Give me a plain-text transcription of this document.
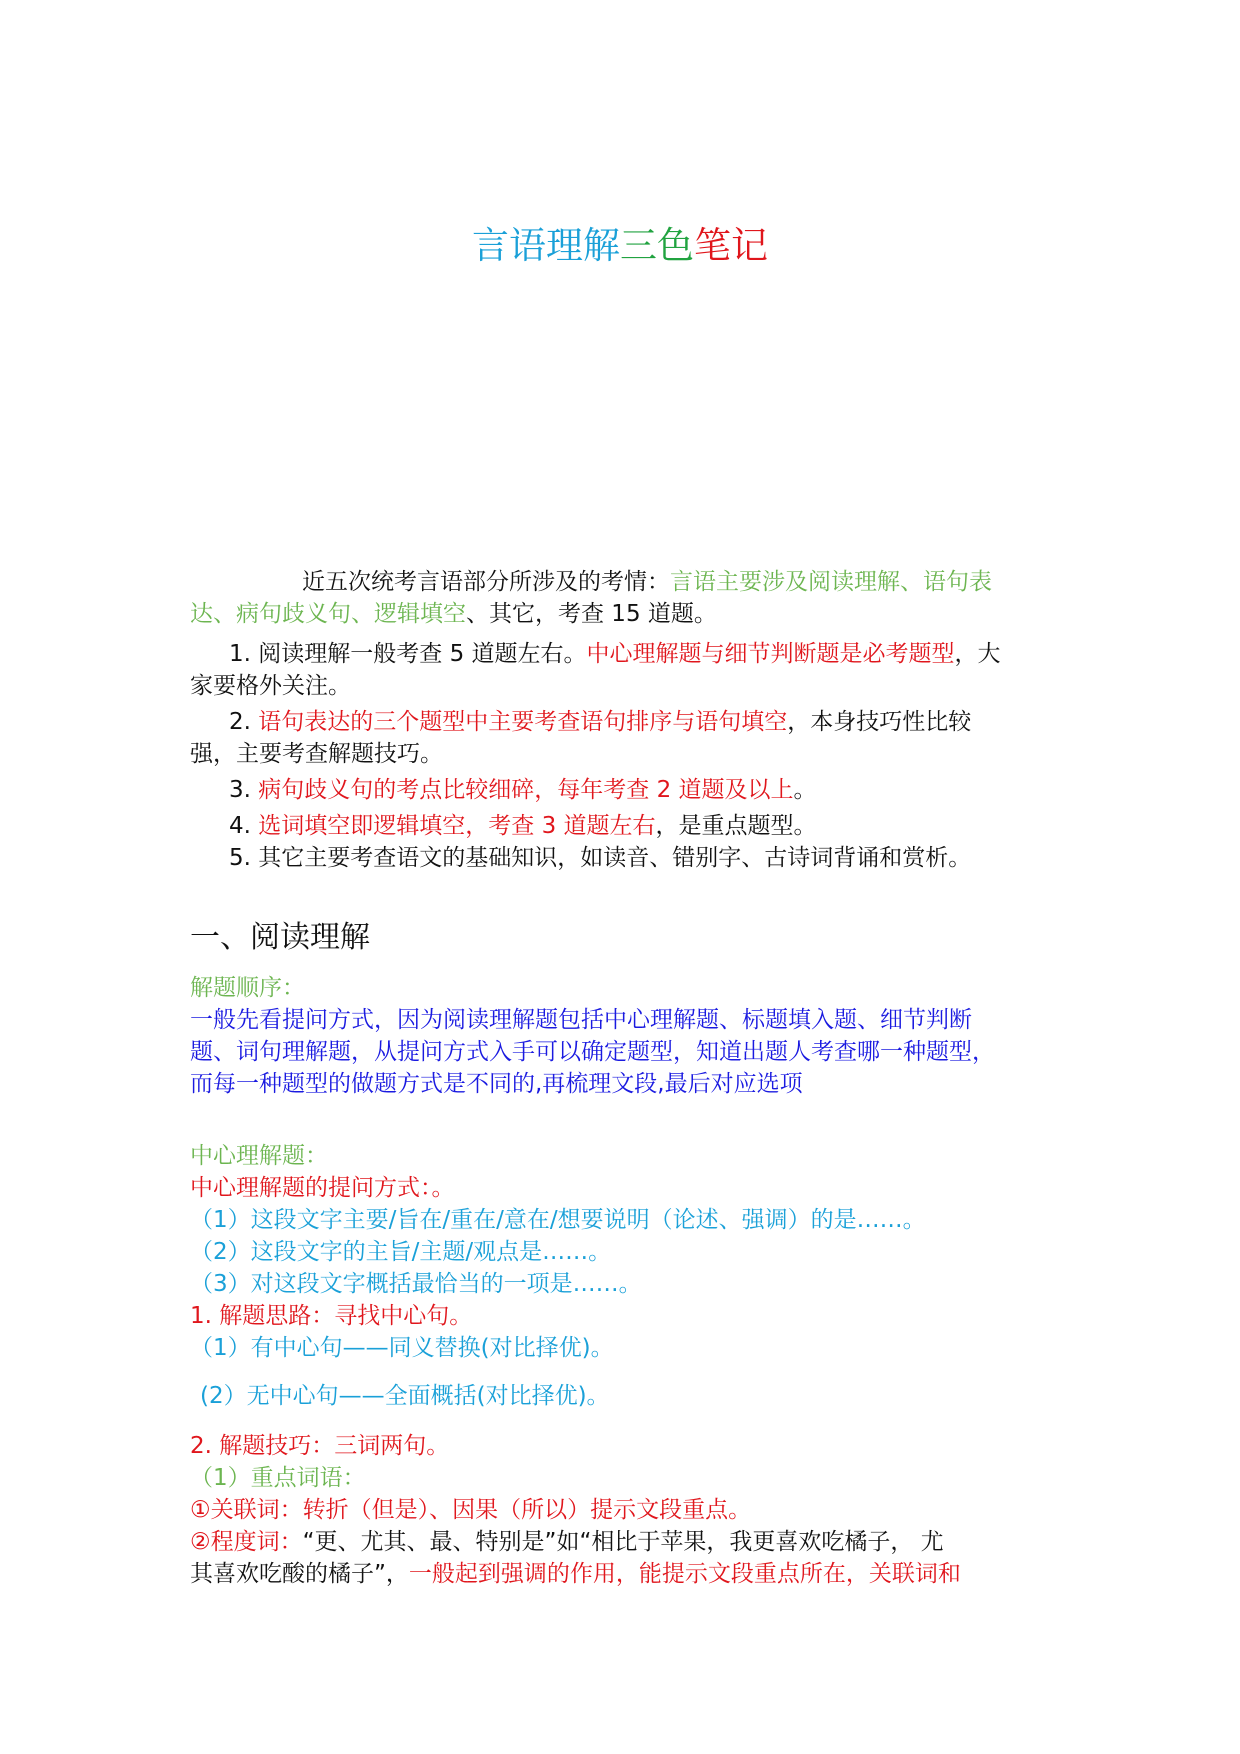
言语理解三色笔记
近五次统考言语部分所涉及的考情：言语主要涉及阅读理解、语句表
达、病句歧义句、逻辑填空、其它，考查 15 道题。
1. 阅读理解一般考查 5 道题左右。中心理解题与细节判断题是必考题型，大
家要格外关注。
2. 语句表达的三个题型中主要考查语句排序与语句填空，本身技巧性比较
强，主要考查解题技巧。
3. 病句歧义句的考点比较细碎，每年考查 2 道题及以上。
4. 选词填空即逻辑填空，考查 3 道题左右，是重点题型。
5. 其它主要考查语文的基础知识，如读音、错别字、古诗词背诵和赏析。
一、阅读理解
解题顺序：
一般先看提问方式，因为阅读理解题包括中心理解题、标题填入题、细节判断
题、词句理解题，从提问方式入手可以确定题型，知道出题人考查哪一种题型，
而每一种题型的做题方式是不同的,再梳理文段,最后对应选项
中心理解题：
中心理解题的提问方式：。
（1）这段文字主要/旨在/重在/意在/想要说明（论述、强调）的是……。
（2）这段文字的主旨/主题/观点是……。
（3）对这段文字概括最恰当的一项是……。
1. 解题思路：寻找中心句。
（1）有中心句——同义替换(对比择优)。
(2）无中心句——全面概括(对比择优)。
2. 解题技巧：三词两句。
（1）重点词语：
①关联词：转折（但是）、因果（所以）提示文段重点。
②程度词：“更、尤其、最、特别是”如“相比于苹果，我更喜欢吃橘子， 尤
其喜欢吃酸的橘子”，一般起到强调的作用，能提示文段重点所在，关联词和
